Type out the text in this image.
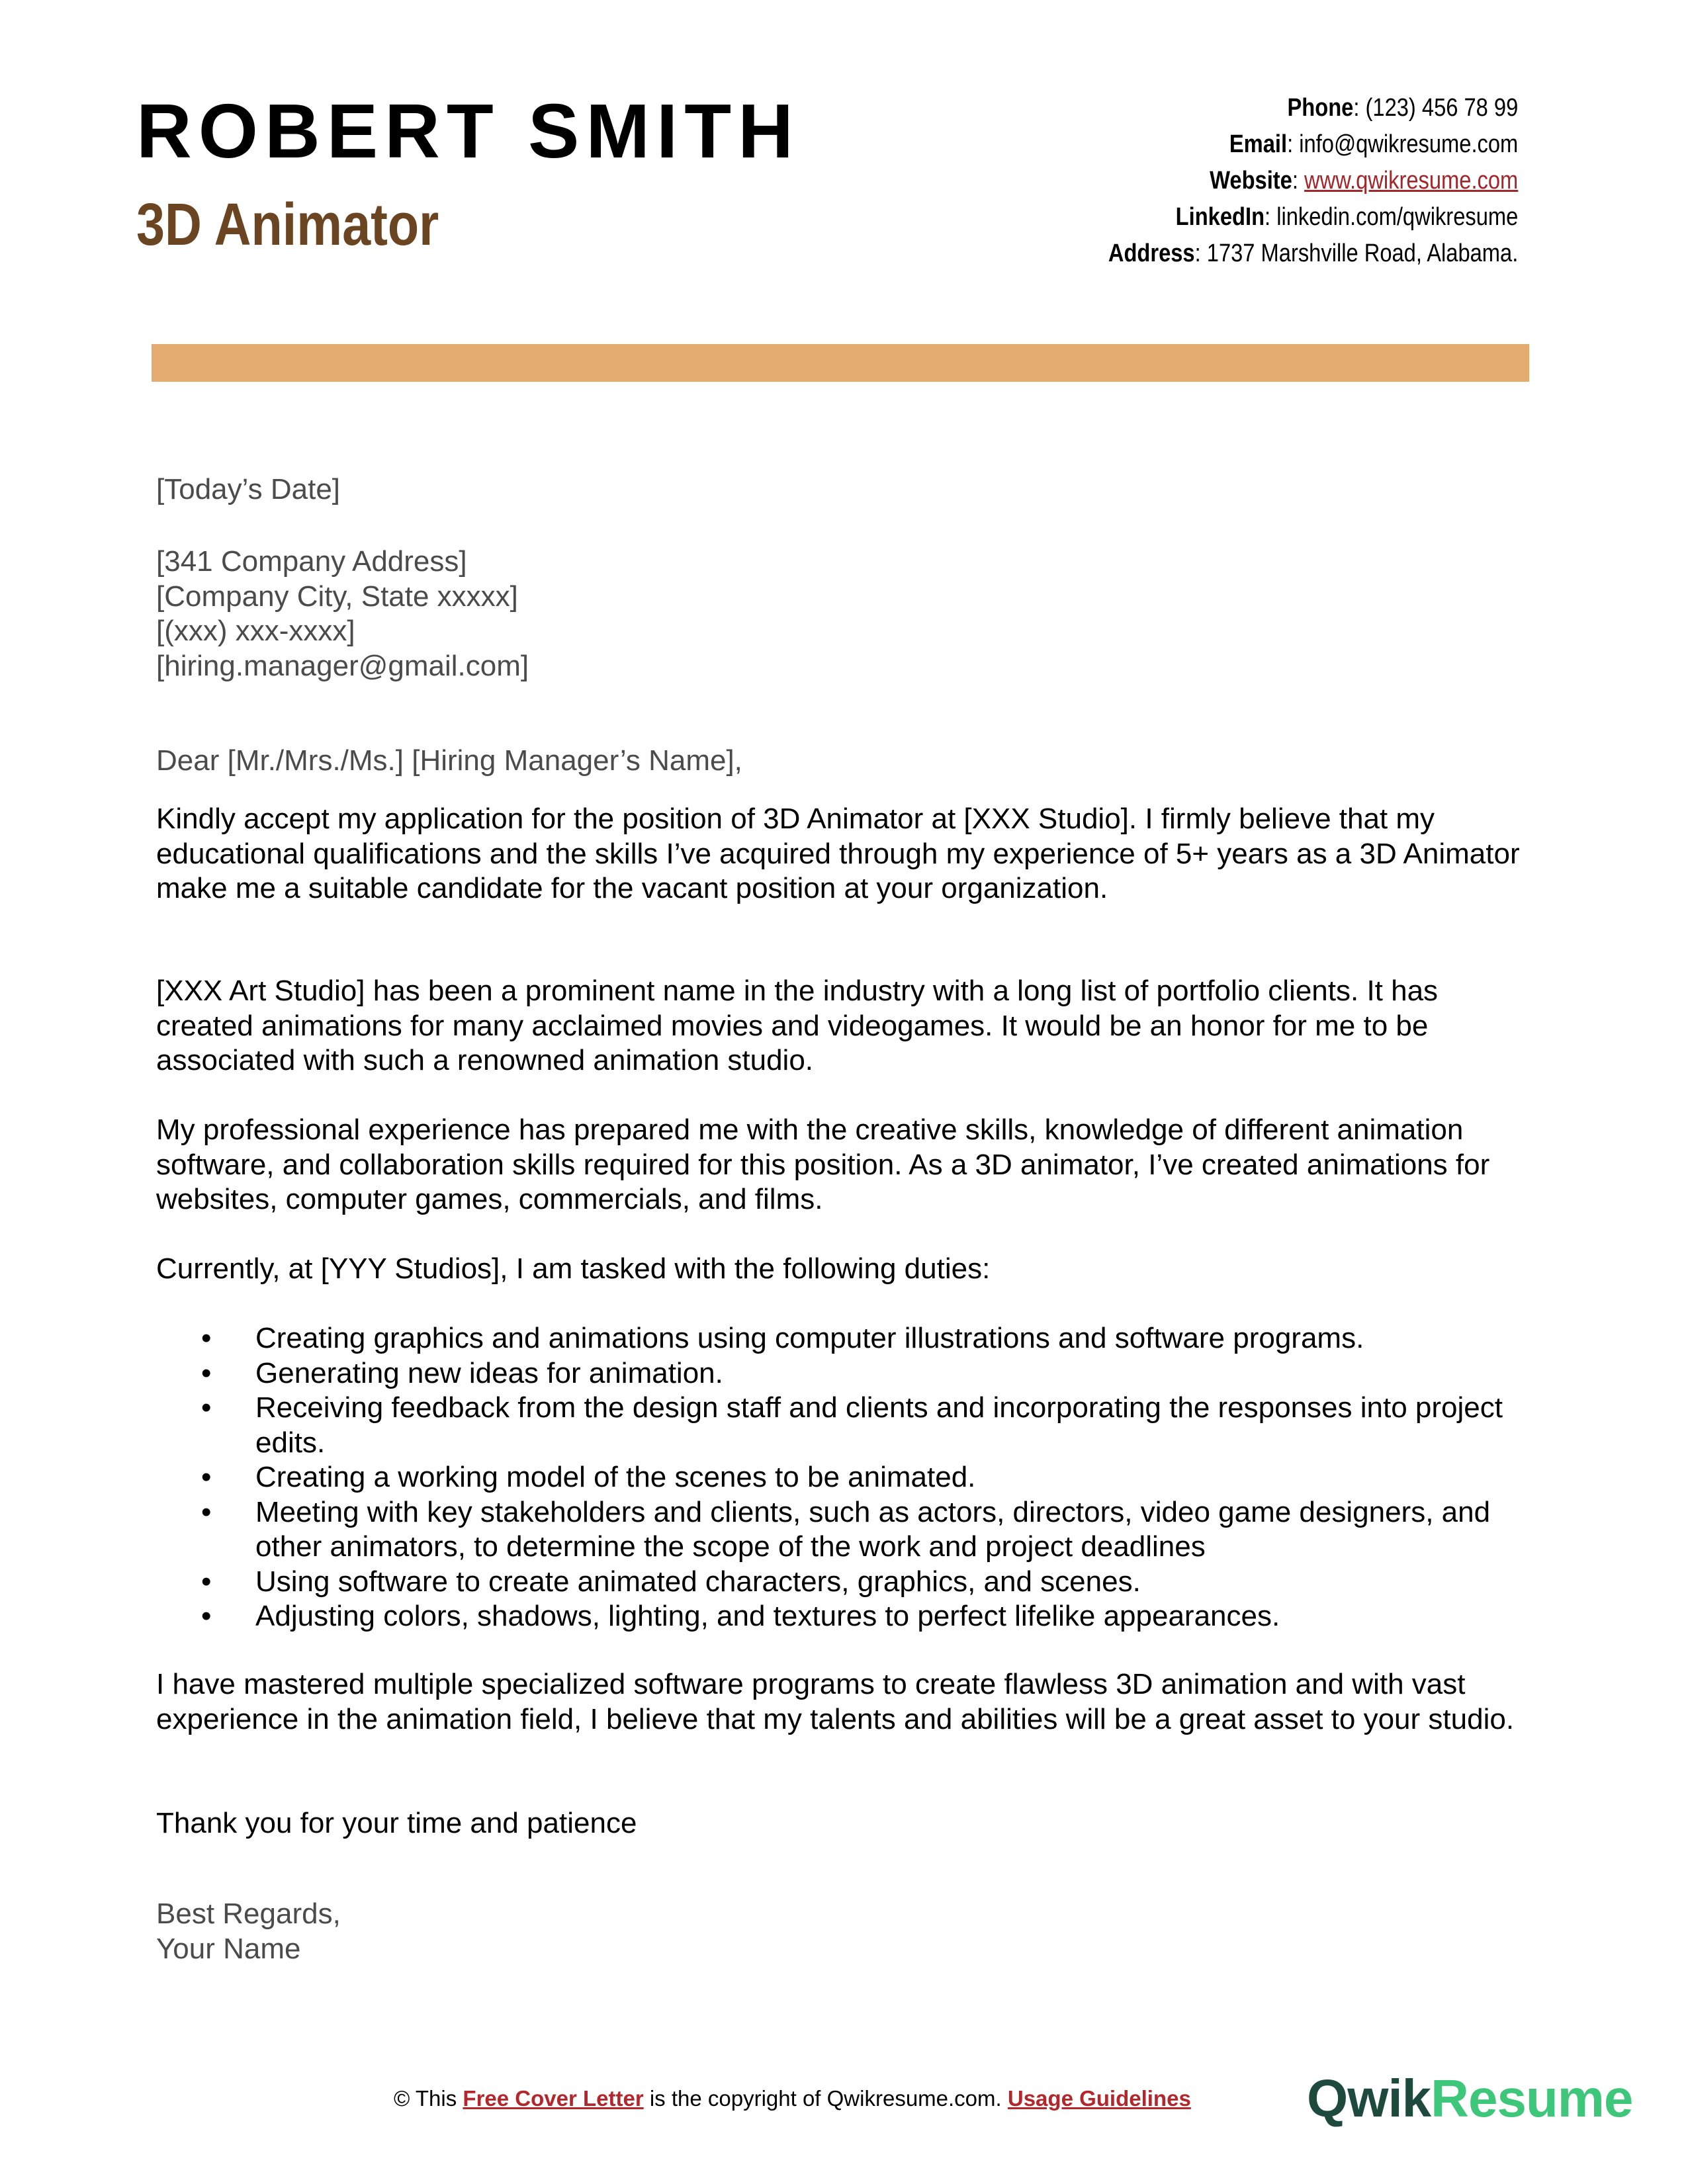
ROBERT SMITH
3D Animator
Phone: (123) 456 78 99
Email: info@qwikresume.com
Website: www.qwikresume.com
LinkedIn: linkedin.com/qwikresume
Address: 1737 Marshville Road, Alabama.
[Today’s Date]
[341 Company Address]
[Company City, State xxxxx]
[(xxx) xxx-xxxx]
[hiring.manager@gmail.com]
Dear [Mr./Mrs./Ms.] [Hiring Manager’s Name],
Kindly accept my application for the position of 3D Animator at [XXX Studio]. I firmly believe that my educational qualifications and the skills I’ve acquired through my experience of 5+ years as a 3D Animator make me a suitable candidate for the vacant position at your organization.
[XXX Art Studio] has been a prominent name in the industry with a long list of portfolio clients. It has created animations for many acclaimed movies and videogames. It would be an honor for me to be associated with such a renowned animation studio.
My professional experience has prepared me with the creative skills, knowledge of different animation software, and collaboration skills required for this position. As a 3D animator, I’ve created animations for websites, computer games, commercials, and films.
Currently, at [YYY Studios], I am tasked with the following duties:
• Creating graphics and animations using computer illustrations and software programs.
• Generating new ideas for animation.
• Receiving feedback from the design staff and clients and incorporating the responses into project edits.
• Creating a working model of the scenes to be animated.
• Meeting with key stakeholders and clients, such as actors, directors, video game designers, and other animators, to determine the scope of the work and project deadlines
• Using software to create animated characters, graphics, and scenes.
• Adjusting colors, shadows, lighting, and textures to perfect lifelike appearances.
I have mastered multiple specialized software programs to create flawless 3D animation and with vast experience in the animation field, I believe that my talents and abilities will be a great asset to your studio.
Thank you for your time and patience
Best Regards,
Your Name
© This Free Cover Letter is the copyright of Qwikresume.com. Usage Guidelines QwikResume
